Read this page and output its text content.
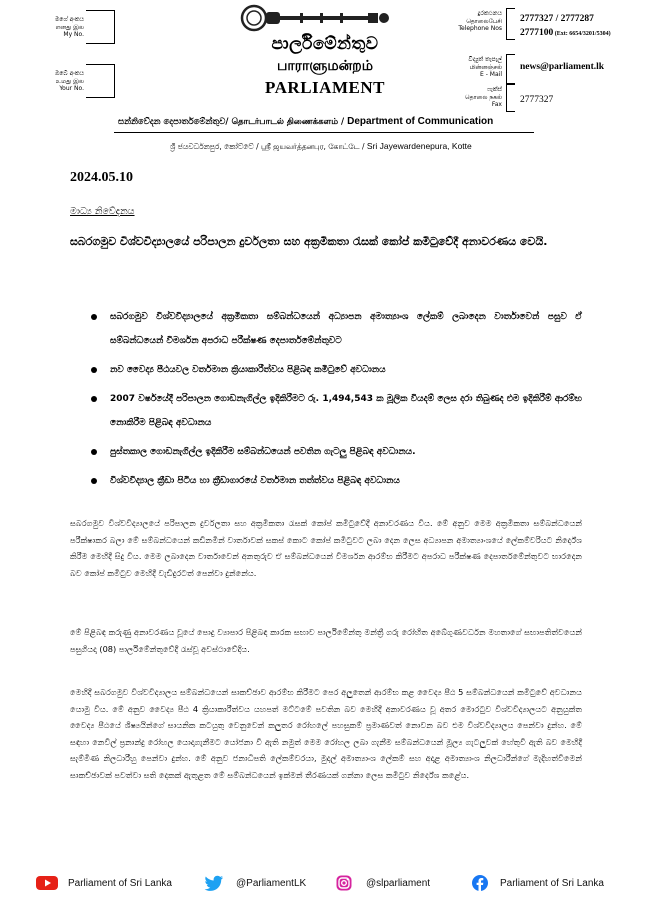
මගේ අංකය
எனது இல
My No.
ඔබේ අංකය
உமது இல
Your No.
පාර්ලිමේන්තුව
பாராளுமன்றம்
PARLIAMENT
දුරකථනය
தொலைபேசி
Telephone Nos
2777327 / 2777287
2777100 (Ext: 6654/3201/5304)
විද්‍යුත් තැපැල්
மின்னஞ்சல்
E - Mail
news@parliament.lk
ෆැක්ස්
தொலை நகல்
Fax 2777327
සන්නිවේදන දෙපාර්තමේන්තුව/ தொடர்பாடல் திணைக்களம் / Department of Communication
ශ්‍රී ජයවර්ධනපුර, කෝට්ටේ / ஸ்ரீ ஜயவர்த்தனபுர, கோட்டே / Sri Jayewardenepura, Kotte
2024.05.10
මාධ්‍ය නිවේදනය
සබරගමුව විශ්වවිද්‍යාලයේ පරිපාලන දුර්වලතා සහ අක්‍රමිකතා රැසක් කෝප් කමිටුවේදී අනාවරණය වෙයි.
සබරගමුව විශ්වවිද්‍යාලයේ අක්‍රමිකතා සම්බන්ධයෙන් අධ්‍යාපන අමාත්‍යාංශ ලේකම් ලබාදෙන වාර්තාවෙන් පසුව ඒ සම්බන්ධයෙන් විමර්ශන අපරාධ පරීක්ෂණ දෙපාර්තමේන්තුවට
නව වෛද්‍ය පීඨයවල වර්තමාන ක්‍රියාකාරීත්වය පිළිබඳ කමිටුවේ අවධානය
2007 වර්ෂයේදී පරිපාලන ගොඩනැගිල්ල ඉදිකිරීමට රු. 1,494,543 ක මූලික වියදම් ලෙස දරා තිබුණද එම ඉදිකිරීම් ආරම්භ නොකිරීම පිළිබඳ අවධානය
පුස්තකාල ගොඩනැගිල්ල ඉදිකිරීම සම්බන්ධයෙන් පවතින ගැටලු පිළිබඳ අවධානය.
විශ්වවිද්‍යාල ක්‍රීඩා පිටිය හා ක්‍රීඩාගාරයේ වර්තමාන තත්ත්වය පිළිබඳ අවධානය

සබරගමුව විශ්වවිද්‍යාලයේ පරිපාලන දුර්වලතා සහ අක්‍රමිකතා රැසක් කෝප් කමිටුවේදී අනාවරණය විය. මේ අනුව මෙම අක්‍රමිකතා සම්බන්ධයෙන් පරීක්ෂාකර බලා මේ සම්බන්ධයෙන් කඩිනමින් වාර්තාවක් සකස් කොට කෝප් කමිටුවට ලබා දෙන ලෙස අධ්‍යාපන අමාත්‍යාංශයේ ලේකම්වරියට නිර්දේශ කිරීම මෙහිදී සිදු විය. මෙම ලබාදෙන වාර්තාවෙන් අනතුරුව ඒ සම්බන්ධයෙන් විමර්ශන ආරම්භ කිරීමට අපරාධ පරීක්ෂණ දෙපාර්තමේන්තුවට භාරදෙන බව කෝප් කමිටුව මෙහිදී වැඩිදුරටත් පෙන්වා දුන්නේය.

මේ පිළිබඳ කරුණු අනාවරණය වූයේ පොදු ව්‍යාපාර පිළිබඳ කාරක සභාව පාර්ලිමේන්තු මන්ත්‍රී ගරු රෝහිත අබේගුණවර්ධන මහතාගේ සභාපතිත්වයෙන් පසුගියදා (08) පාර්ලිමේන්තුවේදී රැස්වූ අවස්ථාවේදිය.

මෙහිදී සබරගමුව විශ්වවිද්‍යාලය සම්බන්ධයෙන් සාකච්ඡාව ආරම්භ කිරීමට පෙර අලුතෙන් ආරම්භ කළ වෛද්‍ය පීඨ 5 සම්බන්ධයෙන් කමිටුවේ අවධානය යොමු විය. මේ අනුව වෛද්‍ය පීඨ 4 ක්‍රියාකාරීත්වය යහපත් මට්ටමේ පවතින බව මෙහිදී අනාවරණය වූ අතර මොරටුව විශ්වවිද්‍යාලයට අනුයුක්ත වෛද්‍ය පීඨයේ ශිෂ්‍යයින්ගේ සායනික කටයුතු වෙනුවෙන් කලුතර රෝහලේ පහසුකම් ප්‍රමාණවත් නොවන බව එම විශ්වවිද්‍යාලය පෙන්වා දුන්හ. මේ සඳහා නෙවිල් ප්‍රනාන්දු රෝහල යොදාගැනීමට යෝජනා වී ඇති නමුත් මෙම රෝහල ලබා ගැනීම සම්බන්ධයෙන් මූල්‍ය ගැටලුවක් හේතුවී ඇති බව මෙහිදී සැම්මිණ නිලධාරීහු පෙන්වා දුන්හ. මේ අනුව ජනාධිපති ලේකම්වරයා, මුදල් අමාත්‍යාංශ ලේකම් සහ අදාළ අමාත්‍යාංශ නිලධාරීන්ගේ මැදිහත්වීමෙන් සාකච්ඡාවක් පවත්වා සති දෙකක් ඇතුළත මේ සම්බන්ධයෙන් ඉක්මන් තීරණයක් ගන්නා ලෙස කමිටුව නිර්දේශ කළේය.

Parliament of Sri Lanka	@ParliamentLK	@slparliament	Parliament of Sri Lanka
